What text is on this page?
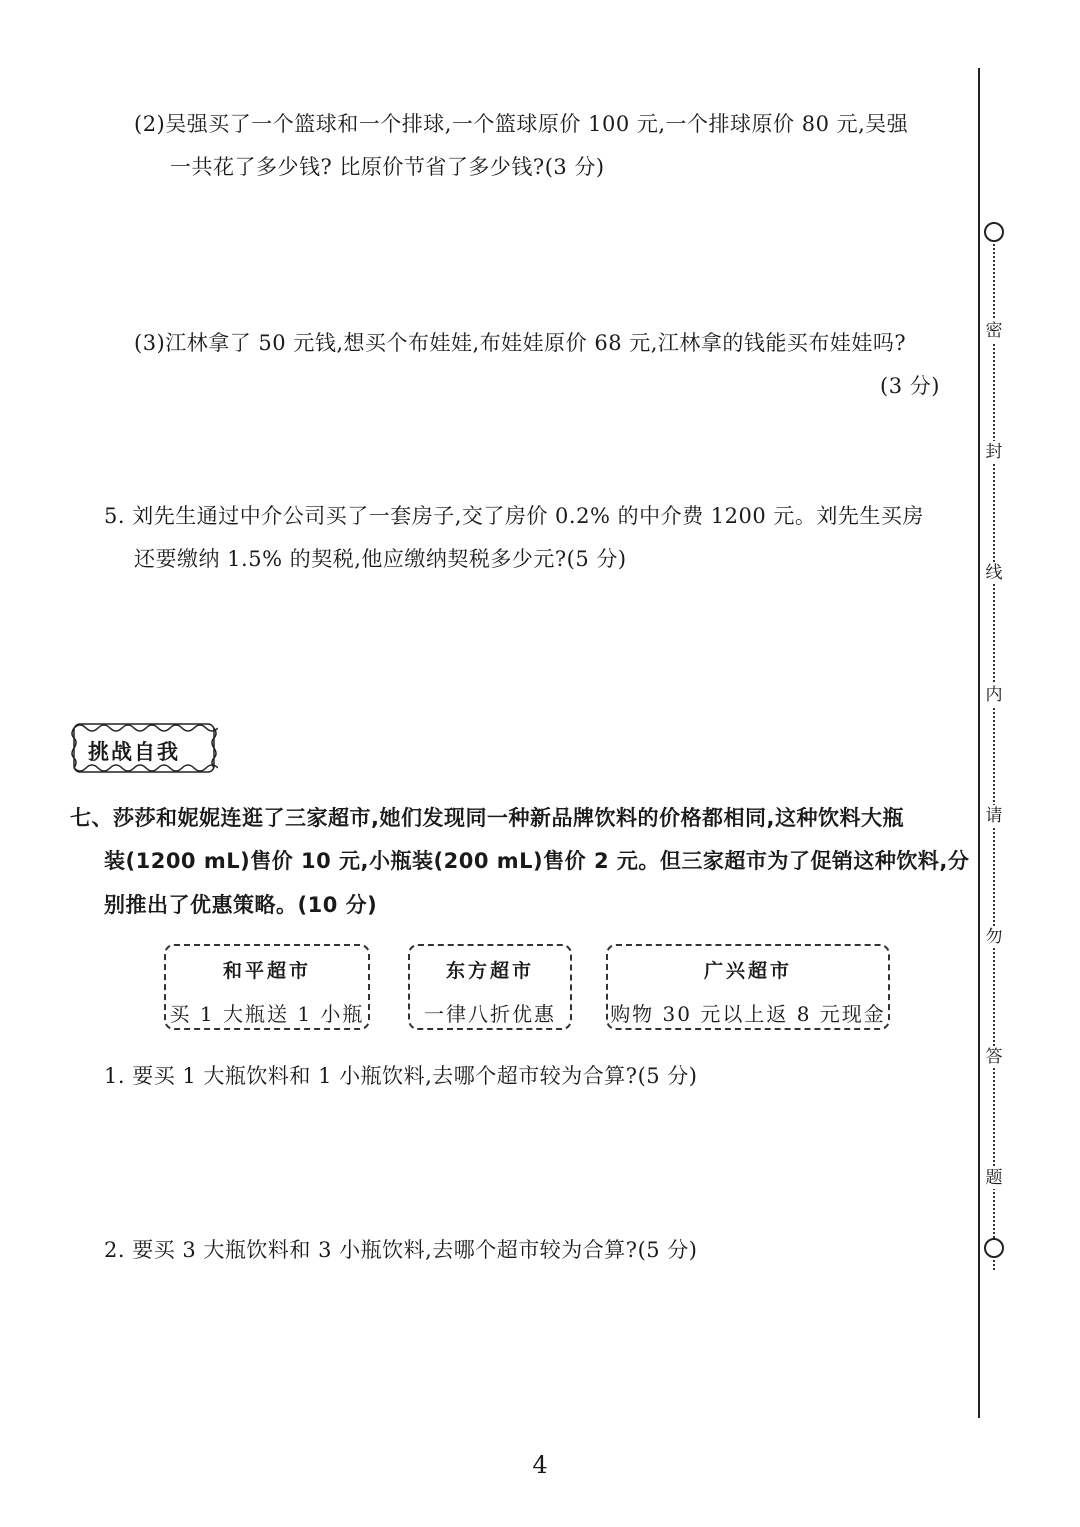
(2)吴强买了一个篮球和一个排球,一个篮球原价 100 元,一个排球原价 80 元,吴强
一共花了多少钱? 比原价节省了多少钱?(3 分)
(3)江林拿了 50 元钱,想买个布娃娃,布娃娃原价 68 元,江林拿的钱能买布娃娃吗?
(3 分)
5. 刘先生通过中介公司买了一套房子,交了房价 0.2% 的中介费 1200 元。刘先生买房
还要缴纳 1.5% 的契税,他应缴纳契税多少元?(5 分)
挑战自我
七、莎莎和妮妮连逛了三家超市,她们发现同一种新品牌饮料的价格都相同,这种饮料大瓶
装(1200 mL)售价 10 元,小瓶装(200 mL)售价 2 元。但三家超市为了促销这种饮料,分
别推出了优惠策略。(10 分)
和平超市
买 1 大瓶送 1 小瓶
东方超市
一律八折优惠
广兴超市
购物 30 元以上返 8 元现金
1. 要买 1 大瓶饮料和 1 小瓶饮料,去哪个超市较为合算?(5 分)
2. 要买 3 大瓶饮料和 3 小瓶饮料,去哪个超市较为合算?(5 分)
密
封
线
内
请
勿
答
题
4
